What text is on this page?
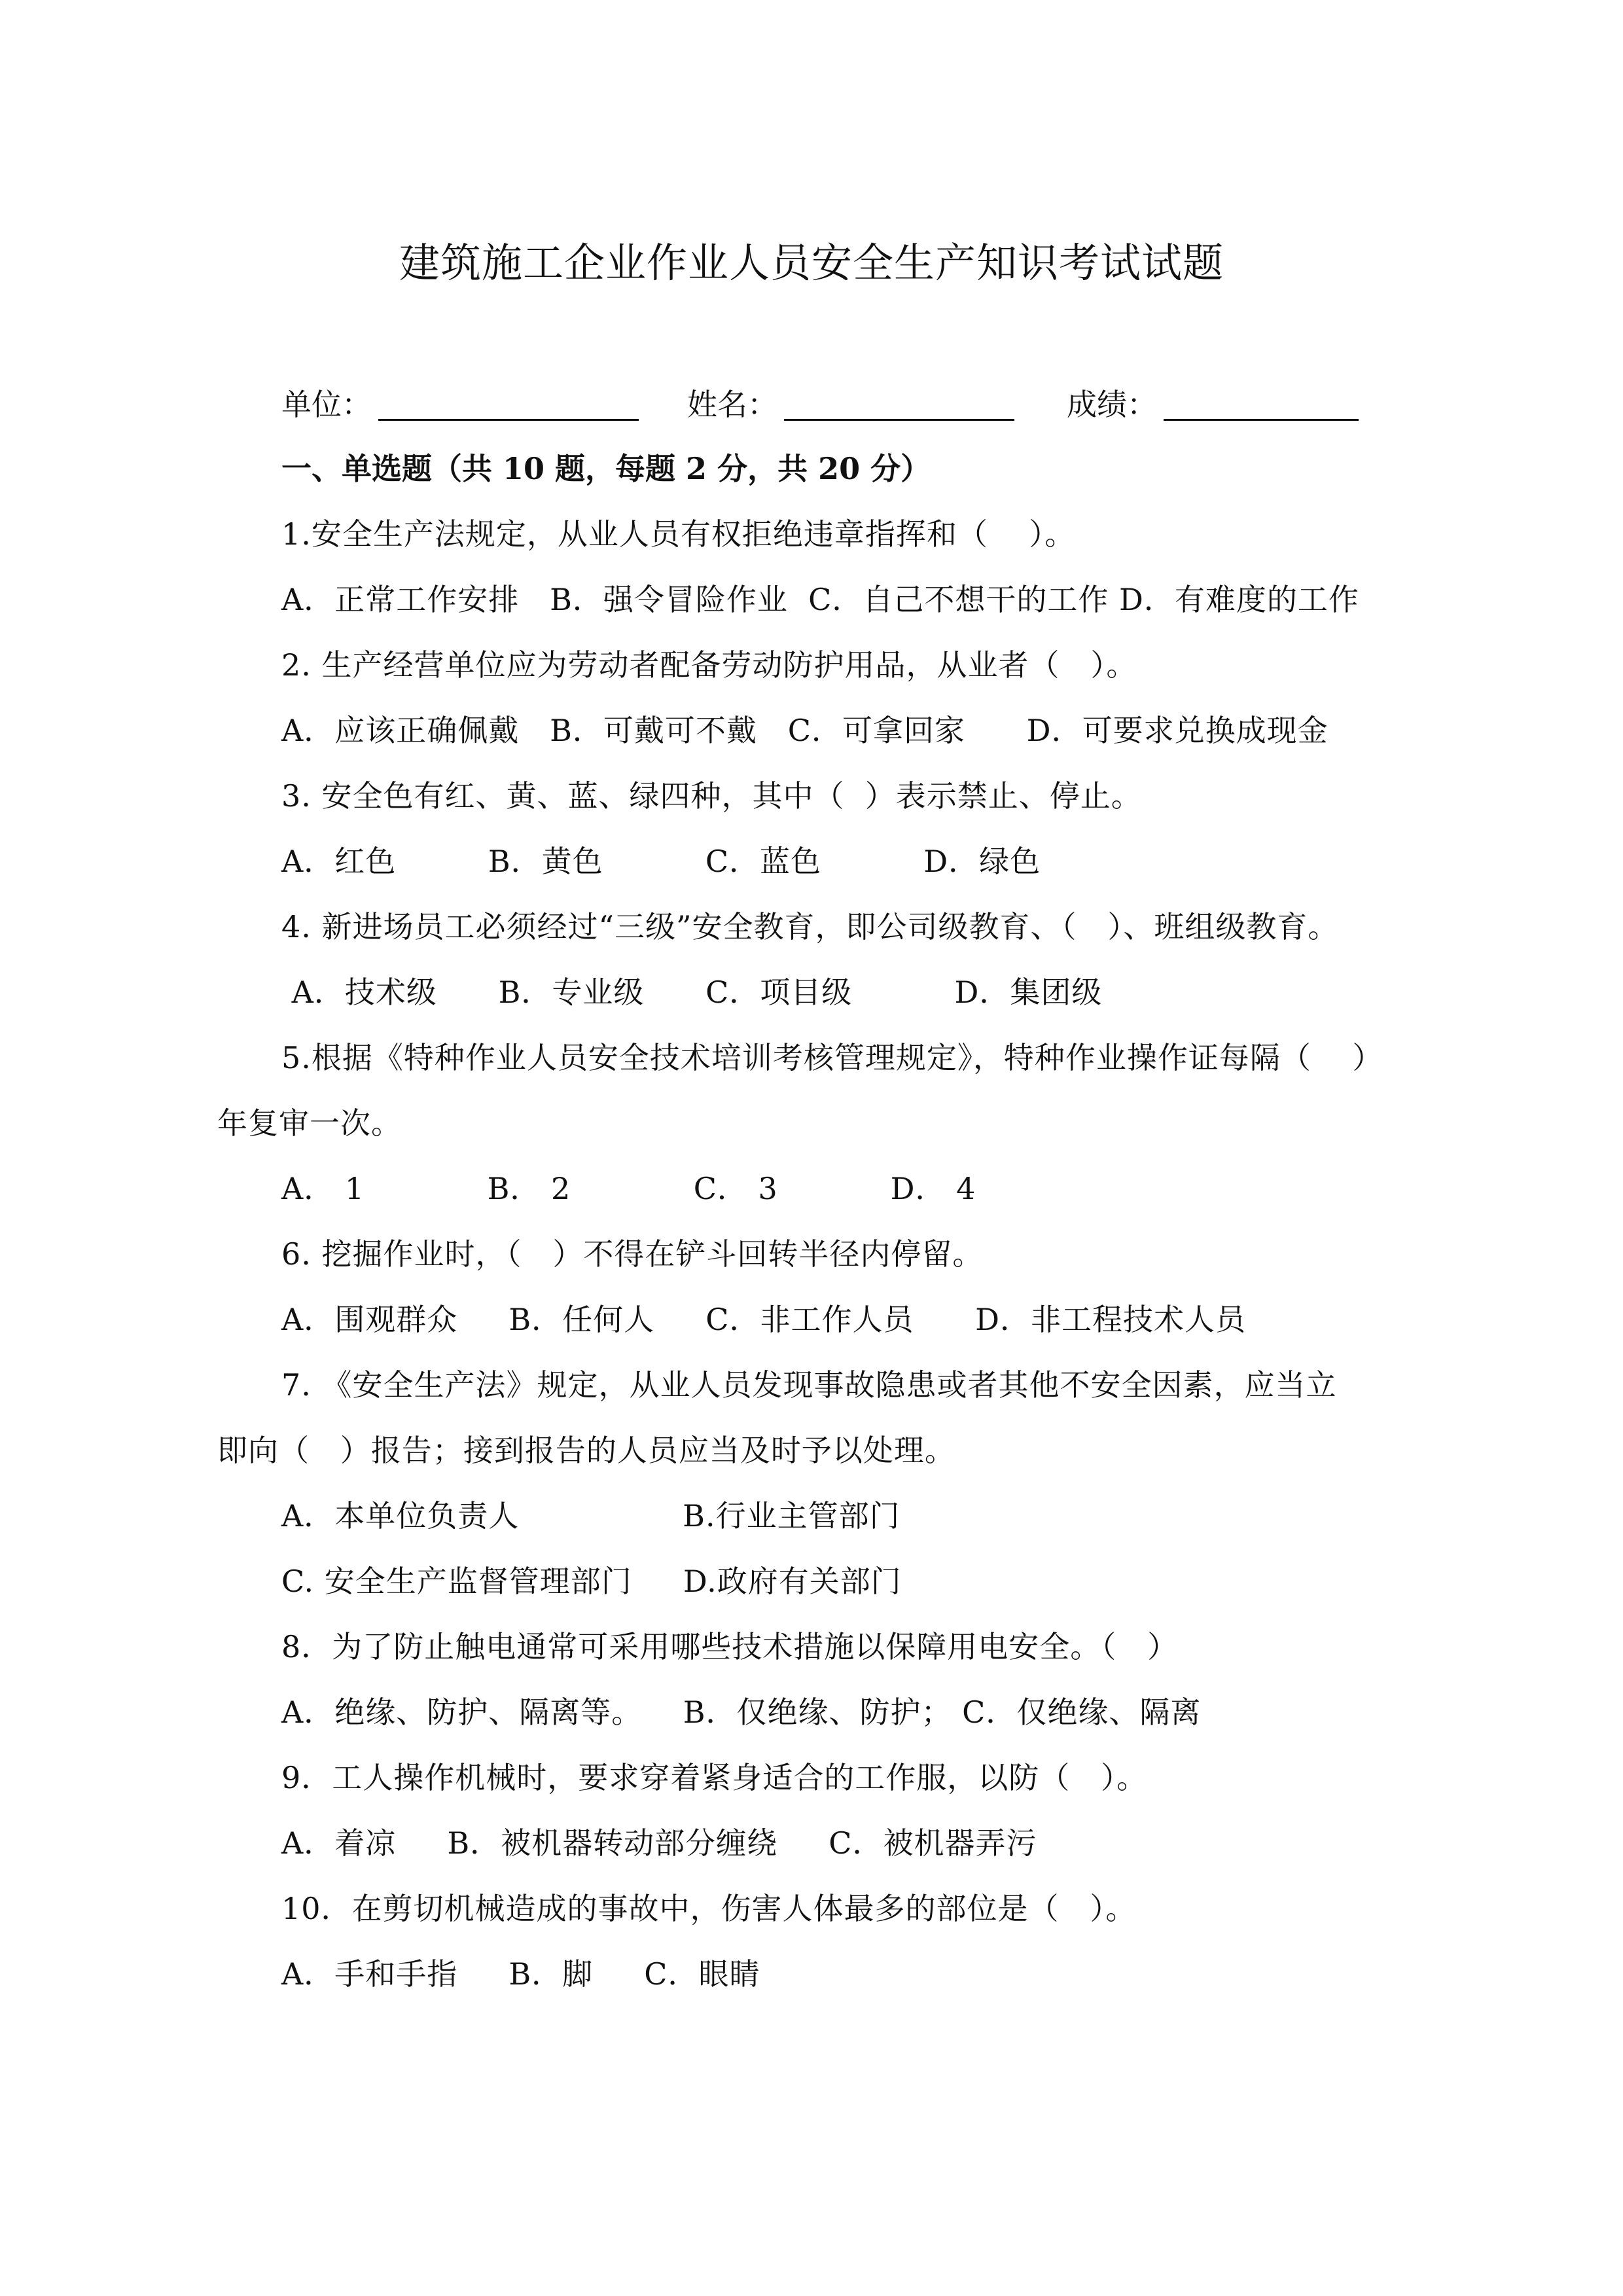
建筑施工企业作业人员安全生产知识考试试题
单位：	姓名：	成绩：
一、单选题（共 10 题，每题 2 分，共 20 分）
1.安全生产法规定，从业人员有权拒绝违章指挥和（    ）。
A．正常工作安排   B．强令冒险作业  C．自己不想干的工作 D．有难度的工作
2. 生产经营单位应为劳动者配备劳动防护用品，从业者（   ）。
A．应该正确佩戴   B．可戴可不戴   C．可拿回家      D．可要求兑换成现金
3. 安全色有红、黄、蓝、绿四种，其中（  ）表示禁止、停止。
A．红色         B．黄色          C．蓝色          D．绿色
4. 新进场员工必须经过“三级”安全教育，即公司级教育、（   ）、班组级教育。
A．技术级      B．专业级      C．项目级          D．集团级
5.根据《特种作业人员安全技术培训考核管理规定》，特种作业操作证每隔（    ）
年复审一次。
A． 1            B． 2            C． 3           D． 4
6. 挖掘作业时，（   ）不得在铲斗回转半径内停留。
A．围观群众     B．任何人     C．非工作人员      D．非工程技术人员
7. 《安全生产法》规定，从业人员发现事故隐患或者其他不安全因素，应当立
即向（   ）报告；接到报告的人员应当及时予以处理。
A．本单位负责人                B.行业主管部门
C. 安全生产监督管理部门     D.政府有关部门
8．为了防止触电通常可采用哪些技术措施以保障用电安全。（   ）
A．绝缘、防护、隔离等。    B．仅绝缘、防护； C．仅绝缘、隔离
9．工人操作机械时，要求穿着紧身适合的工作服，以防（   ）。
A．着凉     B．被机器转动部分缠绕     C．被机器弄污
10．在剪切机械造成的事故中，伤害人体最多的部位是（   ）。
A．手和手指     B．脚     C．眼睛
